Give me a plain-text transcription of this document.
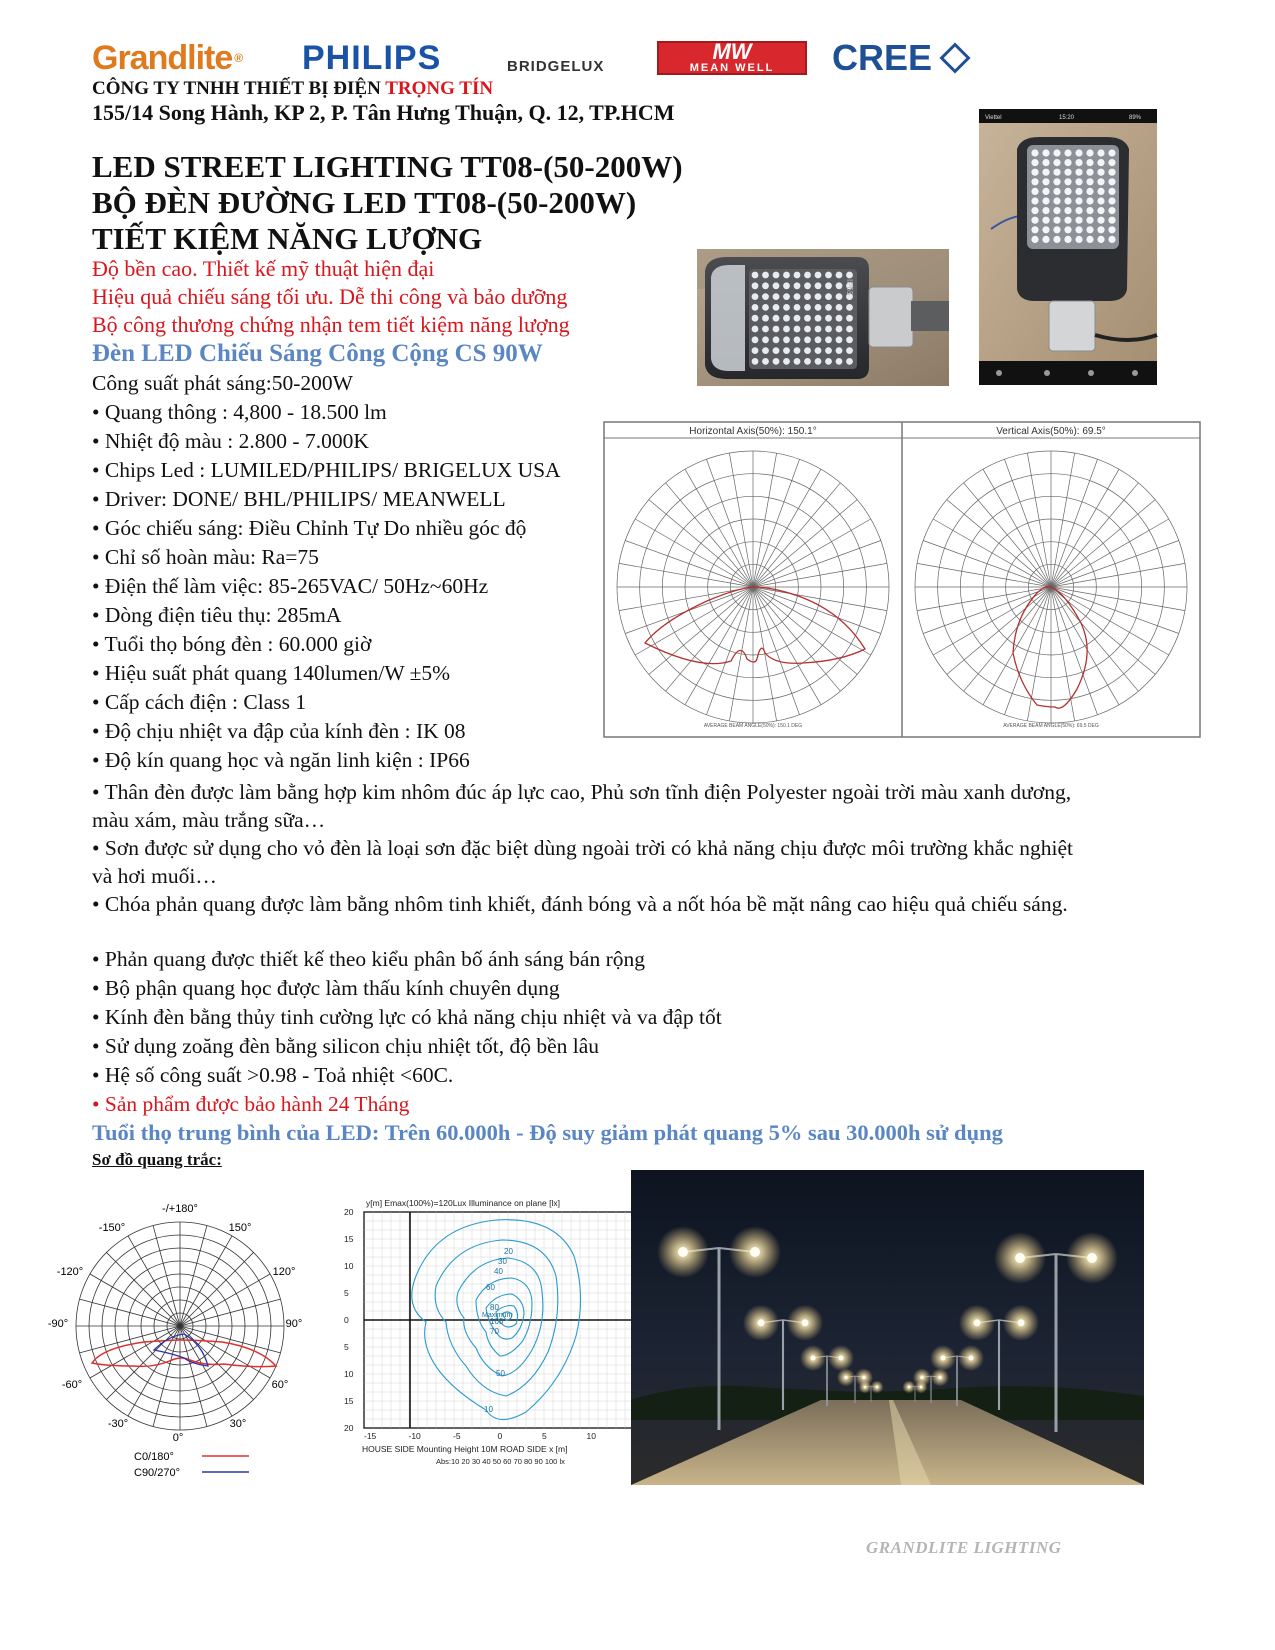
Grandlite ® PHILIPS	BRIDGELUX
MW
MEAN WELL CREE
CÔNG TY TNHH THIẾT BỊ ĐIỆN TRỌNG TÍN
155/14 Song Hành, KP 2, P. Tân Hưng Thuận, Q. 12, TP.HCM
LED STREET LIGHTING TT08-(50-200W)
BỘ ĐÈN ĐƯỜNG LED TT08-(50-200W)
TIẾT KIỆM NĂNG LƯỢNG
Độ bền cao. Thiết kế mỹ thuật hiện đại
Hiệu quả chiếu sáng tối ưu. Dễ thi công và bảo dưỡng
Bộ công thương chứng nhận tem tiết kiệm năng lượng
Đèn LED Chiếu Sáng Công Cộng CS 90W
Công suất phát sáng:50-200W
• Quang thông : 4,800 - 18.500 lm
• Nhiệt độ màu : 2.800 - 7.000K
• Chips Led : LUMILED/PHILIPS/ BRIGELUX USA
• Driver: DONE/ BHL/PHILIPS/ MEANWELL
• Góc chiếu sáng: Điều Chỉnh Tự Do nhiều góc độ
• Chỉ số hoàn màu: Ra=75
• Điện thế làm việc: 85-265VAC/ 50Hz~60Hz
• Dòng điện tiêu thụ: 285mA
• Tuổi thọ bóng đèn : 60.000 giờ
• Hiệu suất phát quang 140lumen/W ±5%
• Cấp cách điện : Class 1
• Độ chịu nhiệt va đập của kính đèn : IK 08
• Độ kín quang học và ngăn linh kiện : IP66
• Thân đèn được làm bằng hợp kim nhôm đúc áp lực cao, Phủ sơn tĩnh điện Polyester ngoài trời màu xanh dương, màu xám, màu trắng sữa…
• Sơn được sử dụng cho vỏ đèn là loại sơn đặc biệt dùng ngoài trời có khả năng chịu được môi trường khắc nghiệt và hơi muối…
• Chóa phản quang được làm bằng nhôm tinh khiết, đánh bóng và a nốt hóa bề mặt nâng cao hiệu quả chiếu sáng.
• Phản quang được thiết kế theo kiểu phân bố ánh sáng bán rộng
• Bộ phận quang học được làm thấu kính chuyên dụng
• Kính đèn bằng thủy tinh cường lực có khả năng chịu nhiệt và va đập tốt
• Sử dụng zoăng đèn bằng silicon chịu nhiệt tốt, độ bền lâu
• Hệ số công suất >0.98 - Toả nhiệt <60C.
• Sản phẩm được bảo hành 24 Tháng
Tuổi thọ trung bình của LED: Trên 60.000h - Độ suy giảm phát quang 5% sau 30.000h sử dụng
Sơ đồ quang trắc:
IP65
Viettel	15:20	89%
Horizontal Axis(50%): 150.1°	Vertical Axis(50%): 69.5°
AVERAGE BEAM ANGLE(50%): 150.1 DEG	AVERAGE BEAM ANGLE(50%): 69.5 DEG
-/+180°
-150°	150°
-120°	120°
-90°	90°
-60°	60°
-30°	30°
0°
C0/180°
C90/270°
y[m] Emax(100%)=120Lux Illuminance on plane [lx]
20
30
40
60
80
Maximum
100
70
50
10
20
15
10
5
0
5
10
15
20
-15	-10	-5	0	5	10
HOUSE SIDE Mounting Height 10M ROAD SIDE x [m]
Abs:10 20 30 40 50 60 70 80 90 100 lx
GRANDLITE LIGHTING
